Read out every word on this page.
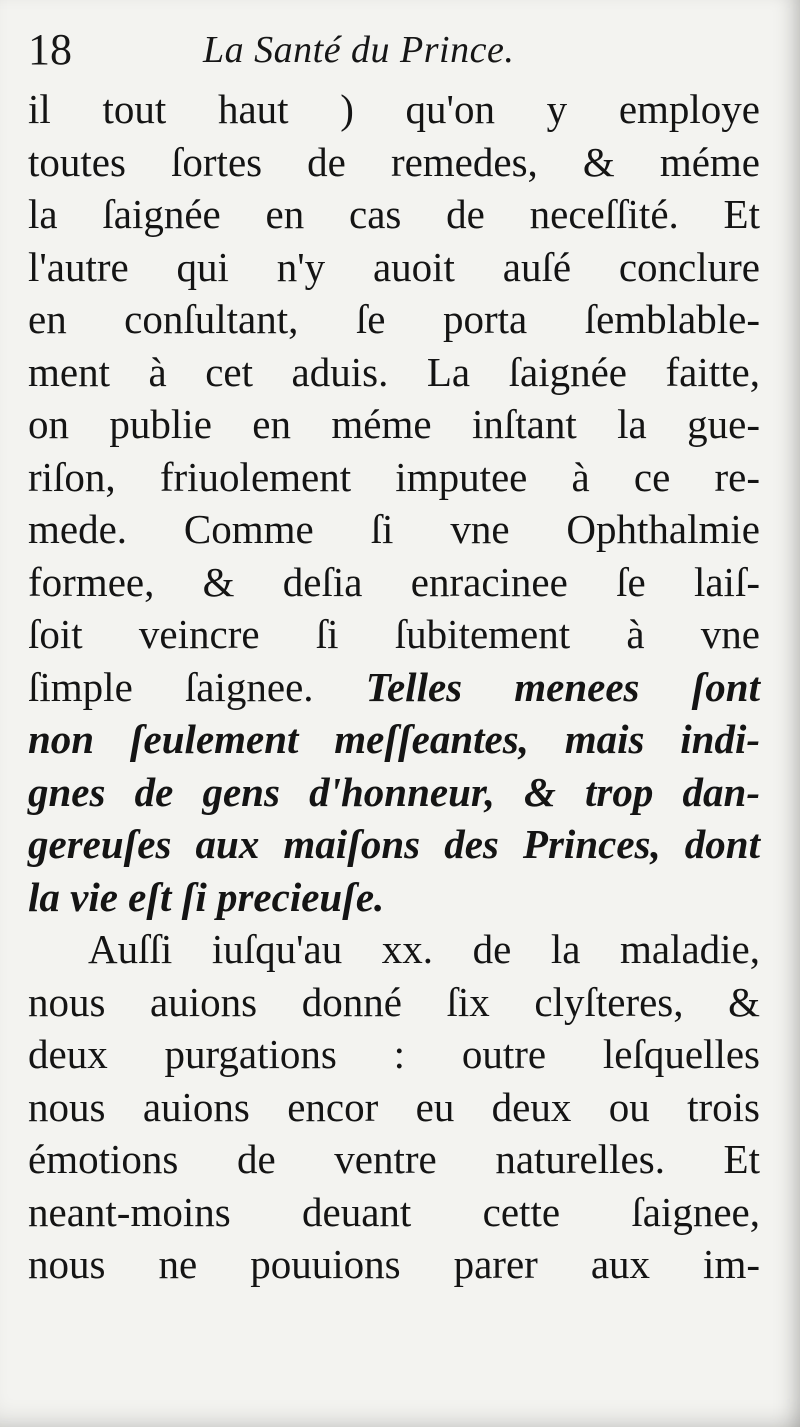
18	La Santé du Prince.
il tout haut ) qu'on y employe
toutes ſortes de remedes, & méme
la ſaignée en cas de neceſſité. Et
l'autre qui n'y auoit auſé conclure
en conſultant, ſe porta ſemblable-
ment à cet aduis. La ſaignée faitte,
on publie en méme inſtant la gue-
riſon, friuolement imputee à ce re-
mede. Comme ſi vne Ophthalmie
formee, & deſia enracinee ſe laiſ-
ſoit veincre ſi ſubitement à vne
ſimple ſaignee. Telles menees ſont
non ſeulement meſſeantes, mais indi-
gnes de gens d'honneur, & trop dan-
gereuſes aux maiſons des Princes, dont
la vie eſt ſi precieuſe.
Auſſi iuſqu'au xx. de la maladie,
nous auions donné ſix clyſteres, &
deux purgations : outre leſquelles
nous auions encor eu deux ou trois
émotions de ventre naturelles. Et
neant-moins deuant cette ſaignee,
nous ne pouuions parer aux im-
